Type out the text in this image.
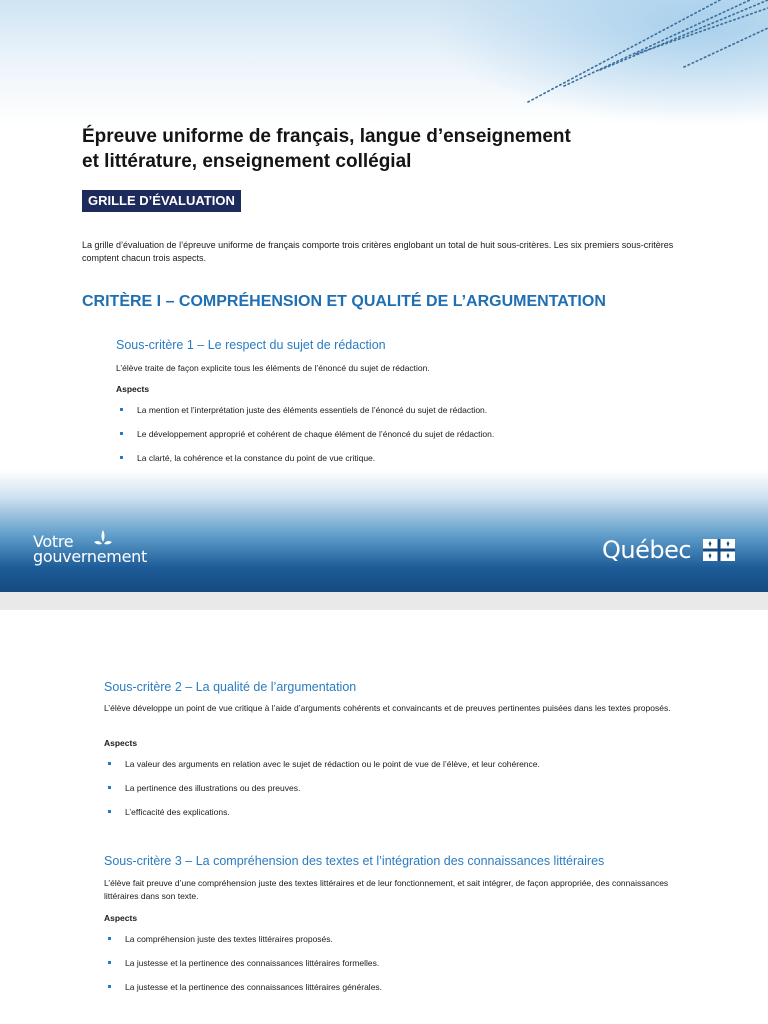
Épreuve uniforme de français, langue d’enseignement
et littérature, enseignement collégial
GRILLE D’ÉVALUATION

La grille d’évaluation de l’épreuve uniforme de français comporte trois critères englobant un total de huit sous-critères. Les six premiers sous-critères comptent chacun trois aspects.

CRITÈRE I – COMPRÉHENSION ET QUALITÉ DE L’ARGUMENTATION
Sous-critère 1 – Le respect du sujet de rédaction

L’élève traite de façon explicite tous les éléments de l’énoncé du sujet de rédaction.

Aspects
La mention et l’interprétation juste des éléments essentiels de l’énoncé du sujet de rédaction.
Le développement approprié et cohérent de chaque élément de l’énoncé du sujet de rédaction.
La clarté, la cohérence et la constance du point de vue critique.
Votre
gouvernement	Québec
Sous-critère 2 – La qualité de l’argumentation

L’élève développe un point de vue critique à l’aide d’arguments cohérents et convaincants et de preuves pertinentes puisées dans les textes proposés.

Aspects
La valeur des arguments en relation avec le sujet de rédaction ou le point de vue de l’élève, et leur cohérence.
La pertinence des illustrations ou des preuves.
L’efficacité des explications.
Sous-critère 3 – La compréhension des textes et l’intégration des connaissances littéraires

L’élève fait preuve d’une compréhension juste des textes littéraires et de leur fonctionnement, et sait intégrer, de façon appropriée, des connaissances littéraires dans son texte.

Aspects
La compréhension juste des textes littéraires proposés.
La justesse et la pertinence des connaissances littéraires formelles.
La justesse et la pertinence des connaissances littéraires générales.
